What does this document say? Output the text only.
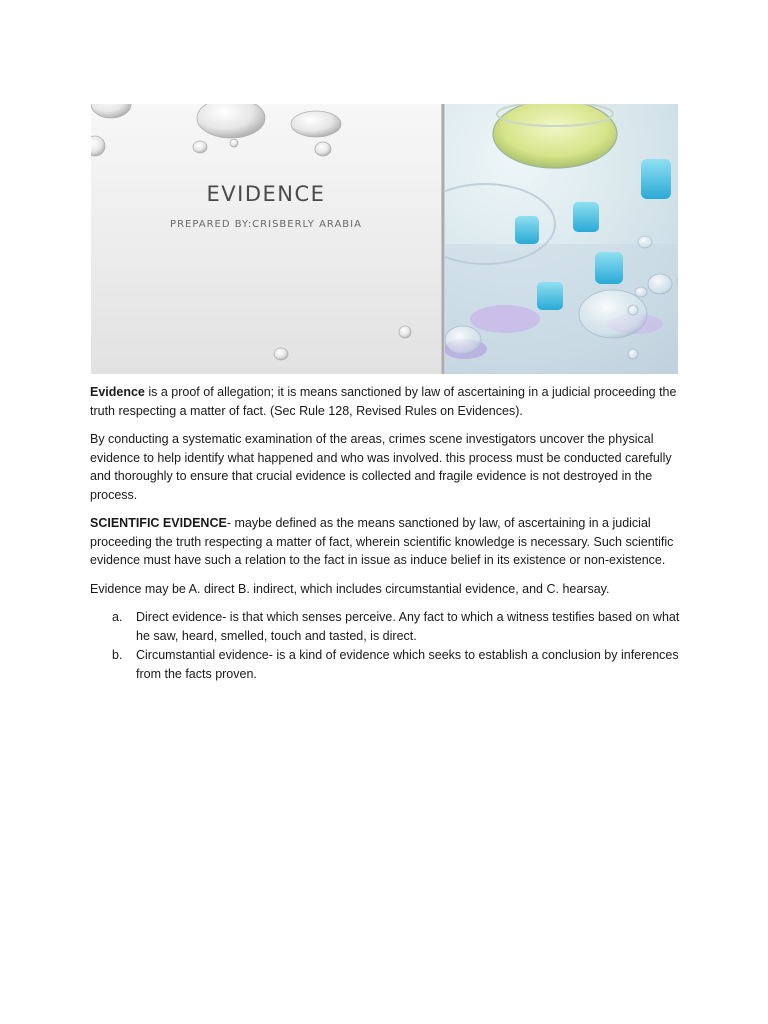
EVIDENCE
PREPARED BY:CRISBERLY ARABIA

Evidence is a proof of allegation; it is means sanctioned by law of ascertaining in a judicial proceeding the truth respecting a matter of fact. (Sec Rule 128, Revised Rules on Evidences).

By conducting a systematic examination of the areas, crimes scene investigators uncover the physical evidence to help identify what happened and who was involved. this process must be conducted carefully and thoroughly to ensure that crucial evidence is collected and fragile evidence is not destroyed in the process.

SCIENTIFIC EVIDENCE- maybe defined as the means sanctioned by law, of ascertaining in a judicial proceeding the truth respecting a matter of fact, wherein scientific knowledge is necessary. Such scientific evidence must have such a relation to the fact in issue as induce belief in its existence or non-existence.

Evidence may be A. direct B. indirect, which includes circumstantial evidence, and C. hearsay.

a. Direct evidence- is that which senses perceive. Any fact to which a witness testifies based on what he saw, heard, smelled, touch and tasted, is direct.
b. Circumstantial evidence- is a kind of evidence which seeks to establish a conclusion by inferences from the facts proven.
